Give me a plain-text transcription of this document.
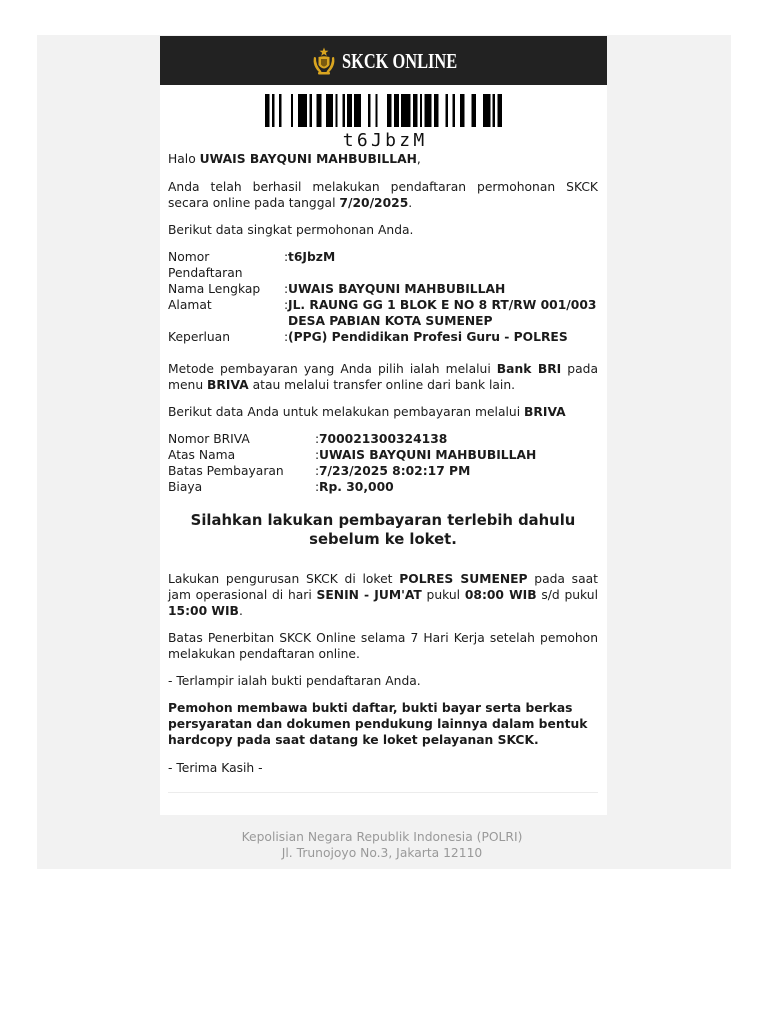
SKCK ONLINE
t6JbzM

Halo UWAIS BAYQUNI MAHBUBILLAH,

Anda telah berhasil melakukan pendaftaran permohonan SKCK secara online pada tanggal 7/20/2025.

Berikut data singkat permohonan Anda.

Nomor Pendaftaran	:	t6JbzM
Nama Lengkap	:	UWAIS BAYQUNI MAHBUBILLAH
Alamat	:	JL. RAUNG GG 1 BLOK E NO 8 RT/RW 001/003 DESA PABIAN KOTA SUMENEP
Keperluan	:	(PPG) Pendidikan Profesi Guru - POLRES

Metode pembayaran yang Anda pilih ialah melalui Bank BRI pada menu BRIVA atau melalui transfer online dari bank lain.

Berikut data Anda untuk melakukan pembayaran melalui BRIVA

Nomor BRIVA	:	700021300324138
Atas Nama	:	UWAIS BAYQUNI MAHBUBILLAH
Batas Pembayaran	:	7/23/2025 8:02:17 PM
Biaya	:	Rp. 30,000
Silahkan lakukan pembayaran terlebih dahulu sebelum ke loket.

Lakukan pengurusan SKCK di loket POLRES SUMENEP pada saat jam operasional di hari SENIN - JUM'AT pukul 08:00 WIB s/d pukul 15:00 WIB.

Batas Penerbitan SKCK Online selama 7 Hari Kerja setelah pemohon melakukan pendaftaran online.

- Terlampir ialah bukti pendaftaran Anda.

Pemohon membawa bukti daftar, bukti bayar serta berkas persyaratan dan dokumen pendukung lainnya dalam bentuk hardcopy pada saat datang ke loket pelayanan SKCK.

- Terima Kasih -

Kepolisian Negara Republik Indonesia (POLRI)
Jl. Trunojoyo No.3, Jakarta 12110
